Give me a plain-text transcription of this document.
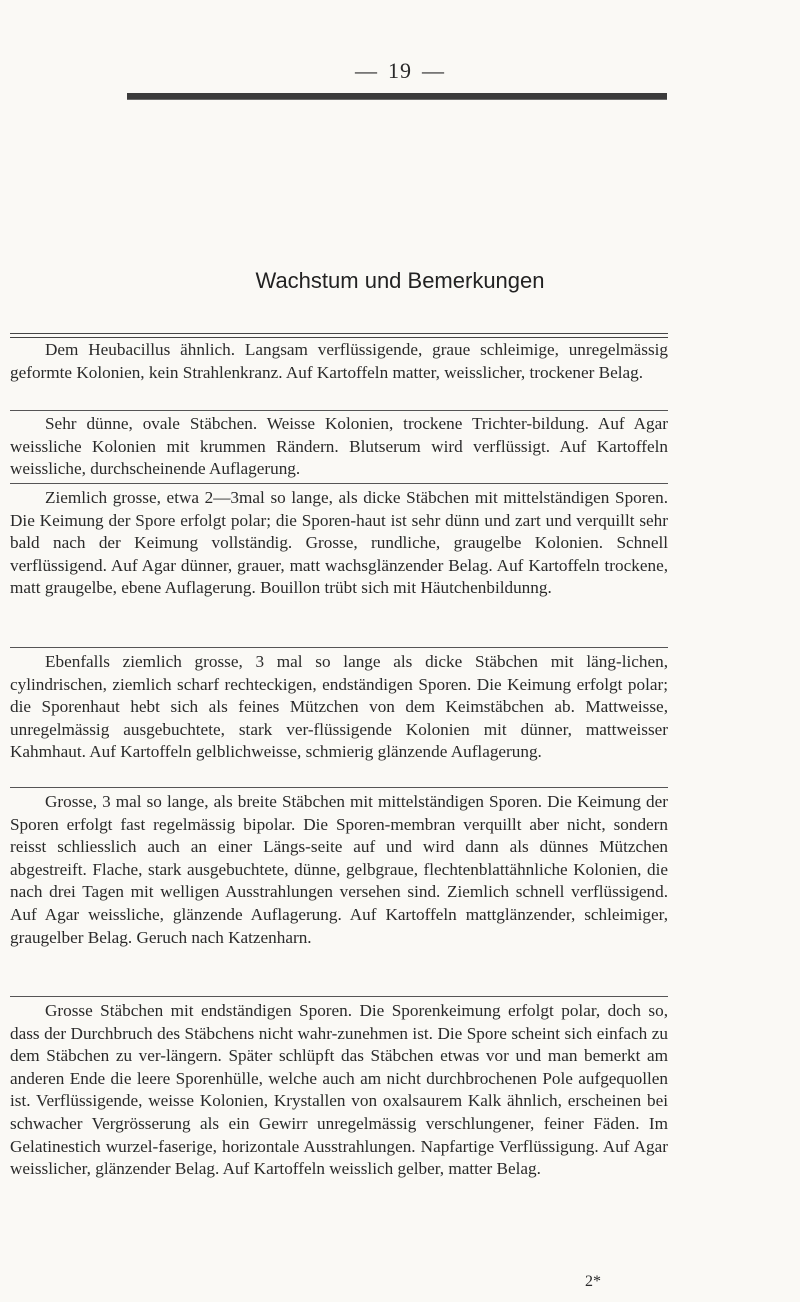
— 19 —
Wachstum und Bemerkungen

Dem Heubacillus ähnlich. Langsam verflüssigende, graue schleimige, unregelmässig geformte Kolonien, kein Strahlenkranz. Auf Kartoffeln matter, weisslicher, trockener Belag.

Sehr dünne, ovale Stäbchen. Weisse Kolonien, trockene Trichter-bildung. Auf Agar weissliche Kolonien mit krummen Rändern. Blutserum wird verflüssigt. Auf Kartoffeln weissliche, durchscheinende Auflagerung.

Ziemlich grosse, etwa 2—3mal so lange, als dicke Stäbchen mit mittelständigen Sporen. Die Keimung der Spore erfolgt polar; die Sporen-haut ist sehr dünn und zart und verquillt sehr bald nach der Keimung vollständig. Grosse, rundliche, graugelbe Kolonien. Schnell verflüssigend. Auf Agar dünner, grauer, matt wachsglänzender Belag. Auf Kartoffeln trockene, matt graugelbe, ebene Auflagerung. Bouillon trübt sich mit Häutchenbildunng.

Ebenfalls ziemlich grosse, 3 mal so lange als dicke Stäbchen mit läng-lichen, cylindrischen, ziemlich scharf rechteckigen, endständigen Sporen. Die Keimung erfolgt polar; die Sporenhaut hebt sich als feines Mützchen von dem Keimstäbchen ab. Mattweisse, unregelmässig ausgebuchtete, stark ver-flüssigende Kolonien mit dünner, mattweisser Kahmhaut. Auf Kartoffeln gelblichweisse, schmierig glänzende Auflagerung.

Grosse, 3 mal so lange, als breite Stäbchen mit mittelständigen Sporen. Die Keimung der Sporen erfolgt fast regelmässig bipolar. Die Sporen-membran verquillt aber nicht, sondern reisst schliesslich auch an einer Längs-seite auf und wird dann als dünnes Mützchen abgestreift. Flache, stark ausgebuchtete, dünne, gelbgraue, flechtenblattähnliche Kolonien, die nach drei Tagen mit welligen Ausstrahlungen versehen sind. Ziemlich schnell verflüssigend. Auf Agar weissliche, glänzende Auflagerung. Auf Kartoffeln mattglänzender, schleimiger, graugelber Belag. Geruch nach Katzenharn.

Grosse Stäbchen mit endständigen Sporen. Die Sporenkeimung erfolgt polar, doch so, dass der Durchbruch des Stäbchens nicht wahr-zunehmen ist. Die Spore scheint sich einfach zu dem Stäbchen zu ver-längern. Später schlüpft das Stäbchen etwas vor und man bemerkt am anderen Ende die leere Sporenhülle, welche auch am nicht durchbrochenen Pole aufgequollen ist. Verflüssigende, weisse Kolonien, Krystallen von oxalsaurem Kalk ähnlich, erscheinen bei schwacher Vergrösserung als ein Gewirr unregelmässig verschlungener, feiner Fäden. Im Gelatinestich wurzel-faserige, horizontale Ausstrahlungen. Napfartige Verflüssigung. Auf Agar weisslicher, glänzender Belag. Auf Kartoffeln weisslich gelber, matter Belag.

2*
